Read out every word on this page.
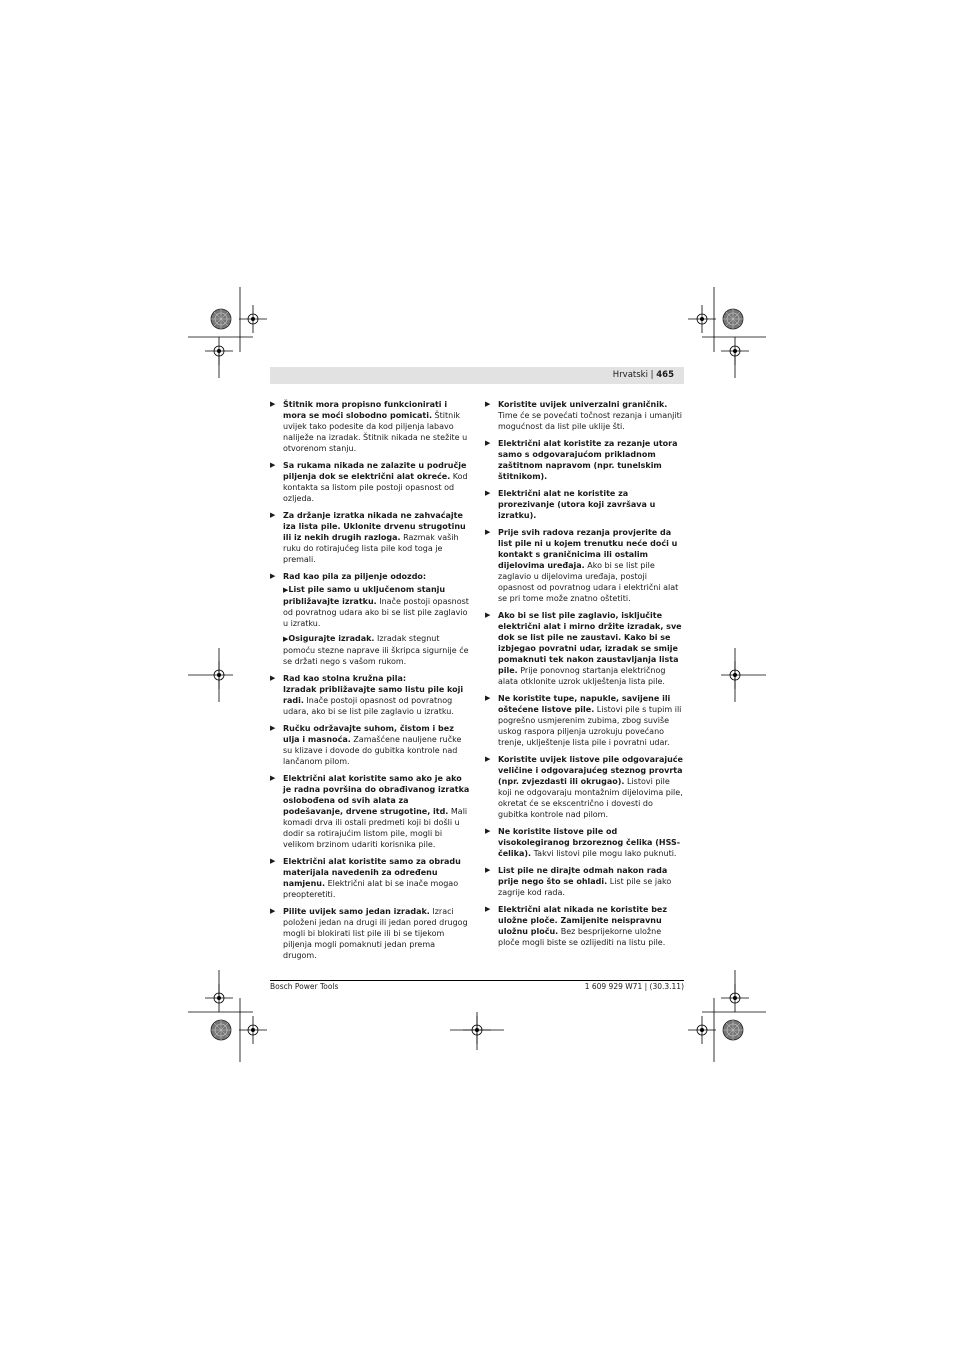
Hrvatski | 465
▶ Štitnik mora propisno funkcionirati i mora se moći slobodno pomicati. Štitnik uvijek tako podesite da kod piljenja labavo naliježe na izradak. Štitnik nikada ne stežite u otvorenom stanju.
▶ Sa rukama nikada ne zalazite u područje piljenja dok se električni alat okreće. Kod kontakta sa listom pile postoji opasnost od ozljeda.
▶ Za držanje izratka nikada ne zahvaćajte iza lista pile. Uklonite drvenu strugotinu ili iz nekih drugih razloga. Razmak vaših ruku do rotirajućeg lista pile kod toga je premali.
▶ Rad kao pila za piljenje odozdo:
▶List pile samo u uključenom stanju približavajte izratku. Inače postoji opasnost od povratnog udara ako bi se list pile zaglavio u izratku.
▶Osigurajte izradak. Izradak stegnut pomoću stezne naprave ili škripca sigurnije će se držati nego s vašom rukom.
▶ Rad kao stolna kružna pila:
Izradak približavajte samo listu pile koji radi. Inače postoji opasnost od povratnog udara, ako bi se list pile zaglavio u izratku.
▶ Ručku održavajte suhom, čistom i bez ulja i masnoća. Zamašćene nauljene ručke su klizave i dovode do gubitka kontrole nad lančanom pilom.
▶ Električni alat koristite samo ako je ako je radna površina do obrađivanog izratka oslobođena od svih alata za podešavanje, drvene strugotine, itd. Mali komadi drva ili ostali predmeti koji bi došli u dodir sa rotirajućim listom pile, mogli bi velikom brzinom udariti korisnika pile.
▶ Električni alat koristite samo za obradu materijala navedenih za određenu namjenu. Električni alat bi se inače mogao preopteretiti.
▶ Pilite uvijek samo jedan izradak. Izraci položeni jedan na drugi ili jedan pored drugog mogli bi blokirati list pile ili bi se tijekom piljenja mogli pomaknuti jedan prema drugom.
▶ Koristite uvijek univerzalni graničnik. Time će se povećati točnost rezanja i umanjiti mogućnost da list pile uklije šti.
▶ Električni alat koristite za rezanje utora samo s odgovarajućom prikladnom zaštitnom napravom (npr. tunelskim štitnikom).
▶ Električni alat ne koristite za prorezivanje (utora koji završava u izratku).
▶ Prije svih radova rezanja provjerite da list pile ni u kojem trenutku neće doći u kontakt s graničnicima ili ostalim dijelovima uređaja. Ako bi se list pile zaglavio u dijelovima uređaja, postoji opasnost od povratnog udara i električni alat se pri tome može znatno oštetiti.
▶ Ako bi se list pile zaglavio, isključite električni alat i mirno držite izradak, sve dok se list pile ne zaustavi. Kako bi se izbjegao povratni udar, izradak se smije pomaknuti tek nakon zaustavljanja lista pile. Prije ponovnog startanja električnog alata otklonite uzrok uklještenja lista pile.
▶ Ne koristite tupe, napukle, savijene ili oštećene listove pile. Listovi pile s tupim ili pogrešno usmjerenim zubima, zbog suviše uskog raspora piljenja uzrokuju povećano trenje, uklještenje lista pile i povratni udar.
▶ Koristite uvijek listove pile odgovarajuće veličine i odgovarajućeg steznog provrta (npr. zvjezdasti ili okrugao). Listovi pile koji ne odgovaraju montažnim dijelovima pile, okretat će se ekscentrično i dovesti do gubitka kontrole nad pilom.
▶ Ne koristite listove pile od visokolegiranog brzoreznog čelika (HSS-čelika). Takvi listovi pile mogu lako puknuti.
▶ List pile ne dirajte odmah nakon rada prije nego što se ohladi. List pile se jako zagrije kod rada.
▶ Električni alat nikada ne koristite bez uložne ploče. Zamijenite neispravnu uložnu ploču. Bez besprijekorne uložne ploče mogli biste se ozlijediti na listu pile.
Bosch Power Tools	1 609 929 W71 | (30.3.11)
